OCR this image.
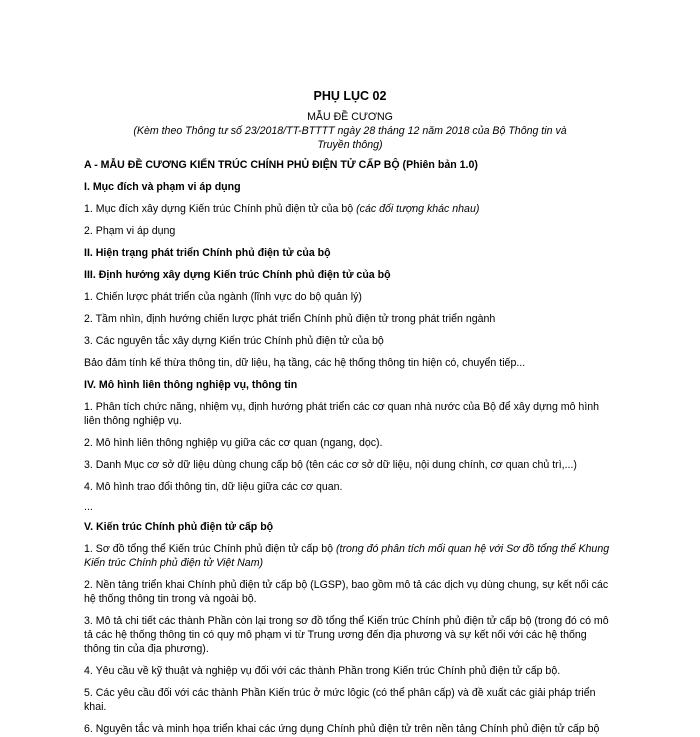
PHỤ LỤC 02
MẪU ĐỀ CƯƠNG
(Kèm theo Thông tư số 23/2018/TT-BTTTT ngày 28 tháng 12 năm 2018 của Bộ Thông tin và Truyền thông)
A - MẪU ĐỀ CƯƠNG KIẾN TRÚC CHÍNH PHỦ ĐIỆN TỬ CẤP BỘ (Phiên bản 1.0)
I. Mục đích và phạm vi áp dụng
1. Mục đích xây dựng Kiến trúc Chính phủ điện tử của bộ (các đối tượng khác nhau)
2. Phạm vi áp dụng
II. Hiện trạng phát triển Chính phủ điện tử của bộ
III. Định hướng xây dựng Kiến trúc Chính phủ điện tử của bộ
1. Chiến lược phát triển của ngành (lĩnh vực do bộ quản lý)
2. Tầm nhìn, định hướng chiến lược phát triển Chính phủ điện tử trong phát triển ngành
3. Các nguyên tắc xây dựng Kiến trúc Chính phủ điện tử của bộ
Bảo đảm tính kế thừa thông tin, dữ liệu, hạ tầng, các hệ thống thông tin hiện có, chuyển tiếp...
IV. Mô hình liên thông nghiệp vụ, thông tin
1. Phân tích chức năng, nhiệm vụ, định hướng phát triển các cơ quan nhà nước của Bộ để xây dựng mô hình liên thông nghiệp vụ.
2. Mô hình liên thông nghiệp vụ giữa các cơ quan (ngang, dọc).
3. Danh Mục cơ sở dữ liệu dùng chung cấp bộ (tên các cơ sở dữ liệu, nội dung chính, cơ quan chủ trì,...)
4. Mô hình trao đổi thông tin, dữ liệu giữa các cơ quan.
...
V. Kiến trúc Chính phủ điện tử cấp bộ
1. Sơ đồ tổng thể Kiến trúc Chính phủ điện tử cấp bộ (trong đó phân tích mối quan hệ với Sơ đồ tổng thể Khung Kiến trúc Chính phủ điện tử Việt Nam)
2. Nền tảng triển khai Chính phủ điện tử cấp bộ (LGSP), bao gồm mô tả các dịch vụ dùng chung, sự kết nối các hệ thống thông tin trong và ngoài bộ.
3. Mô tả chi tiết các thành Phần còn lại trong sơ đồ tổng thể Kiến trúc Chính phủ điện tử cấp bộ (trong đó có mô tả các hệ thống thông tin có quy mô phạm vi từ Trung ương đến địa phương và sự kết nối với các hệ thống thông tin của địa phương).
4. Yêu cầu về kỹ thuật và nghiệp vụ đối với các thành Phần trong Kiến trúc Chính phủ điện tử cấp bộ.
5. Các yêu cầu đối với các thành Phần Kiến trúc ở mức lôgic (có thể phân cấp) và đề xuất các giải pháp triển khai.
6. Nguyên tắc và minh họa triển khai các ứng dụng Chính phủ điện tử trên nền tảng Chính phủ điện tử cấp bộ
